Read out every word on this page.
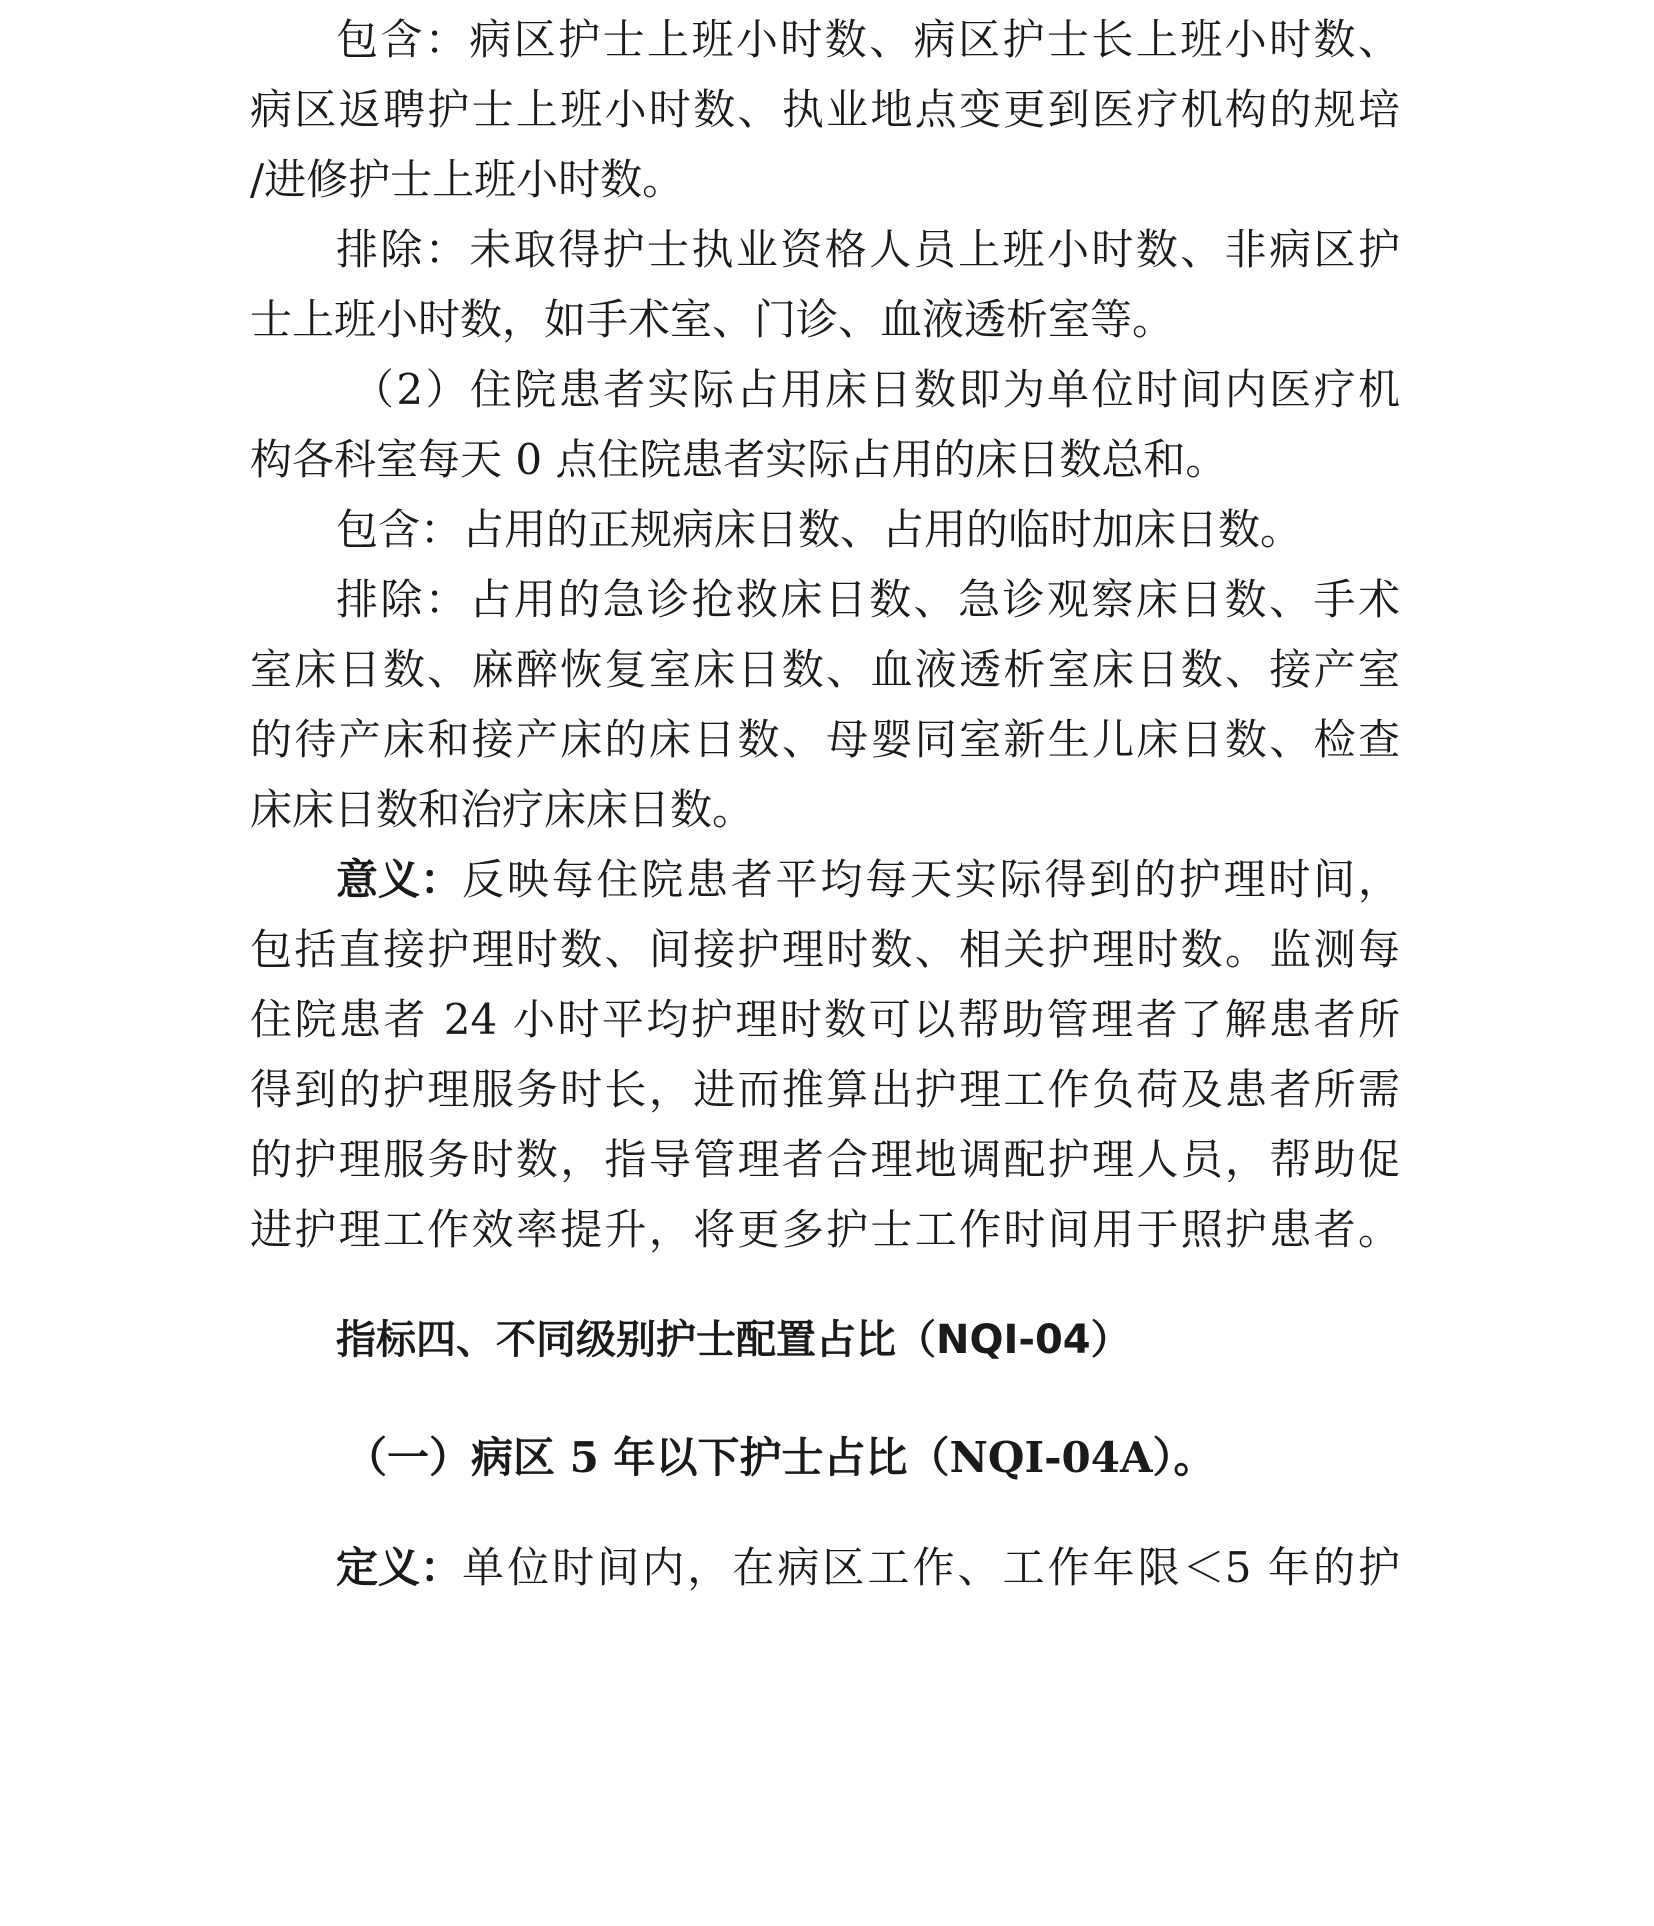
包含：病区护士上班小时数、病区护士长上班小时数、
病区返聘护士上班小时数、执业地点变更到医疗机构的规培
/进修护士上班小时数。
排除：未取得护士执业资格人员上班小时数、非病区护
士上班小时数，如手术室、门诊、血液透析室等。
（2）住院患者实际占用床日数即为单位时间内医疗机
构各科室每天 0 点住院患者实际占用的床日数总和。
包含：占用的正规病床日数、占用的临时加床日数。
排除：占用的急诊抢救床日数、急诊观察床日数、手术
室床日数、麻醉恢复室床日数、血液透析室床日数、接产室
的待产床和接产床的床日数、母婴同室新生儿床日数、检查
床床日数和治疗床床日数。
意义： 反映每住院患者平均每天实际得到的护理时间，
包括直接护理时数、间接护理时数、相关护理时数。监测每
住院患者 24 小时平均护理时数可以帮助管理者了解患者所
得到的护理服务时长，进而推算出护理工作负荷及患者所需
的护理服务时数，指导管理者合理地调配护理人员，帮助促
进护理工作效率提升，将更多护士工作时间用于照护患者。
指标四、不同级别护士配置占比（NQI-04）
（一）病区 5 年以下护士占比（NQI-04A）。
定义： 单位时间内，在病区工作、工作年限＜5 年的护
